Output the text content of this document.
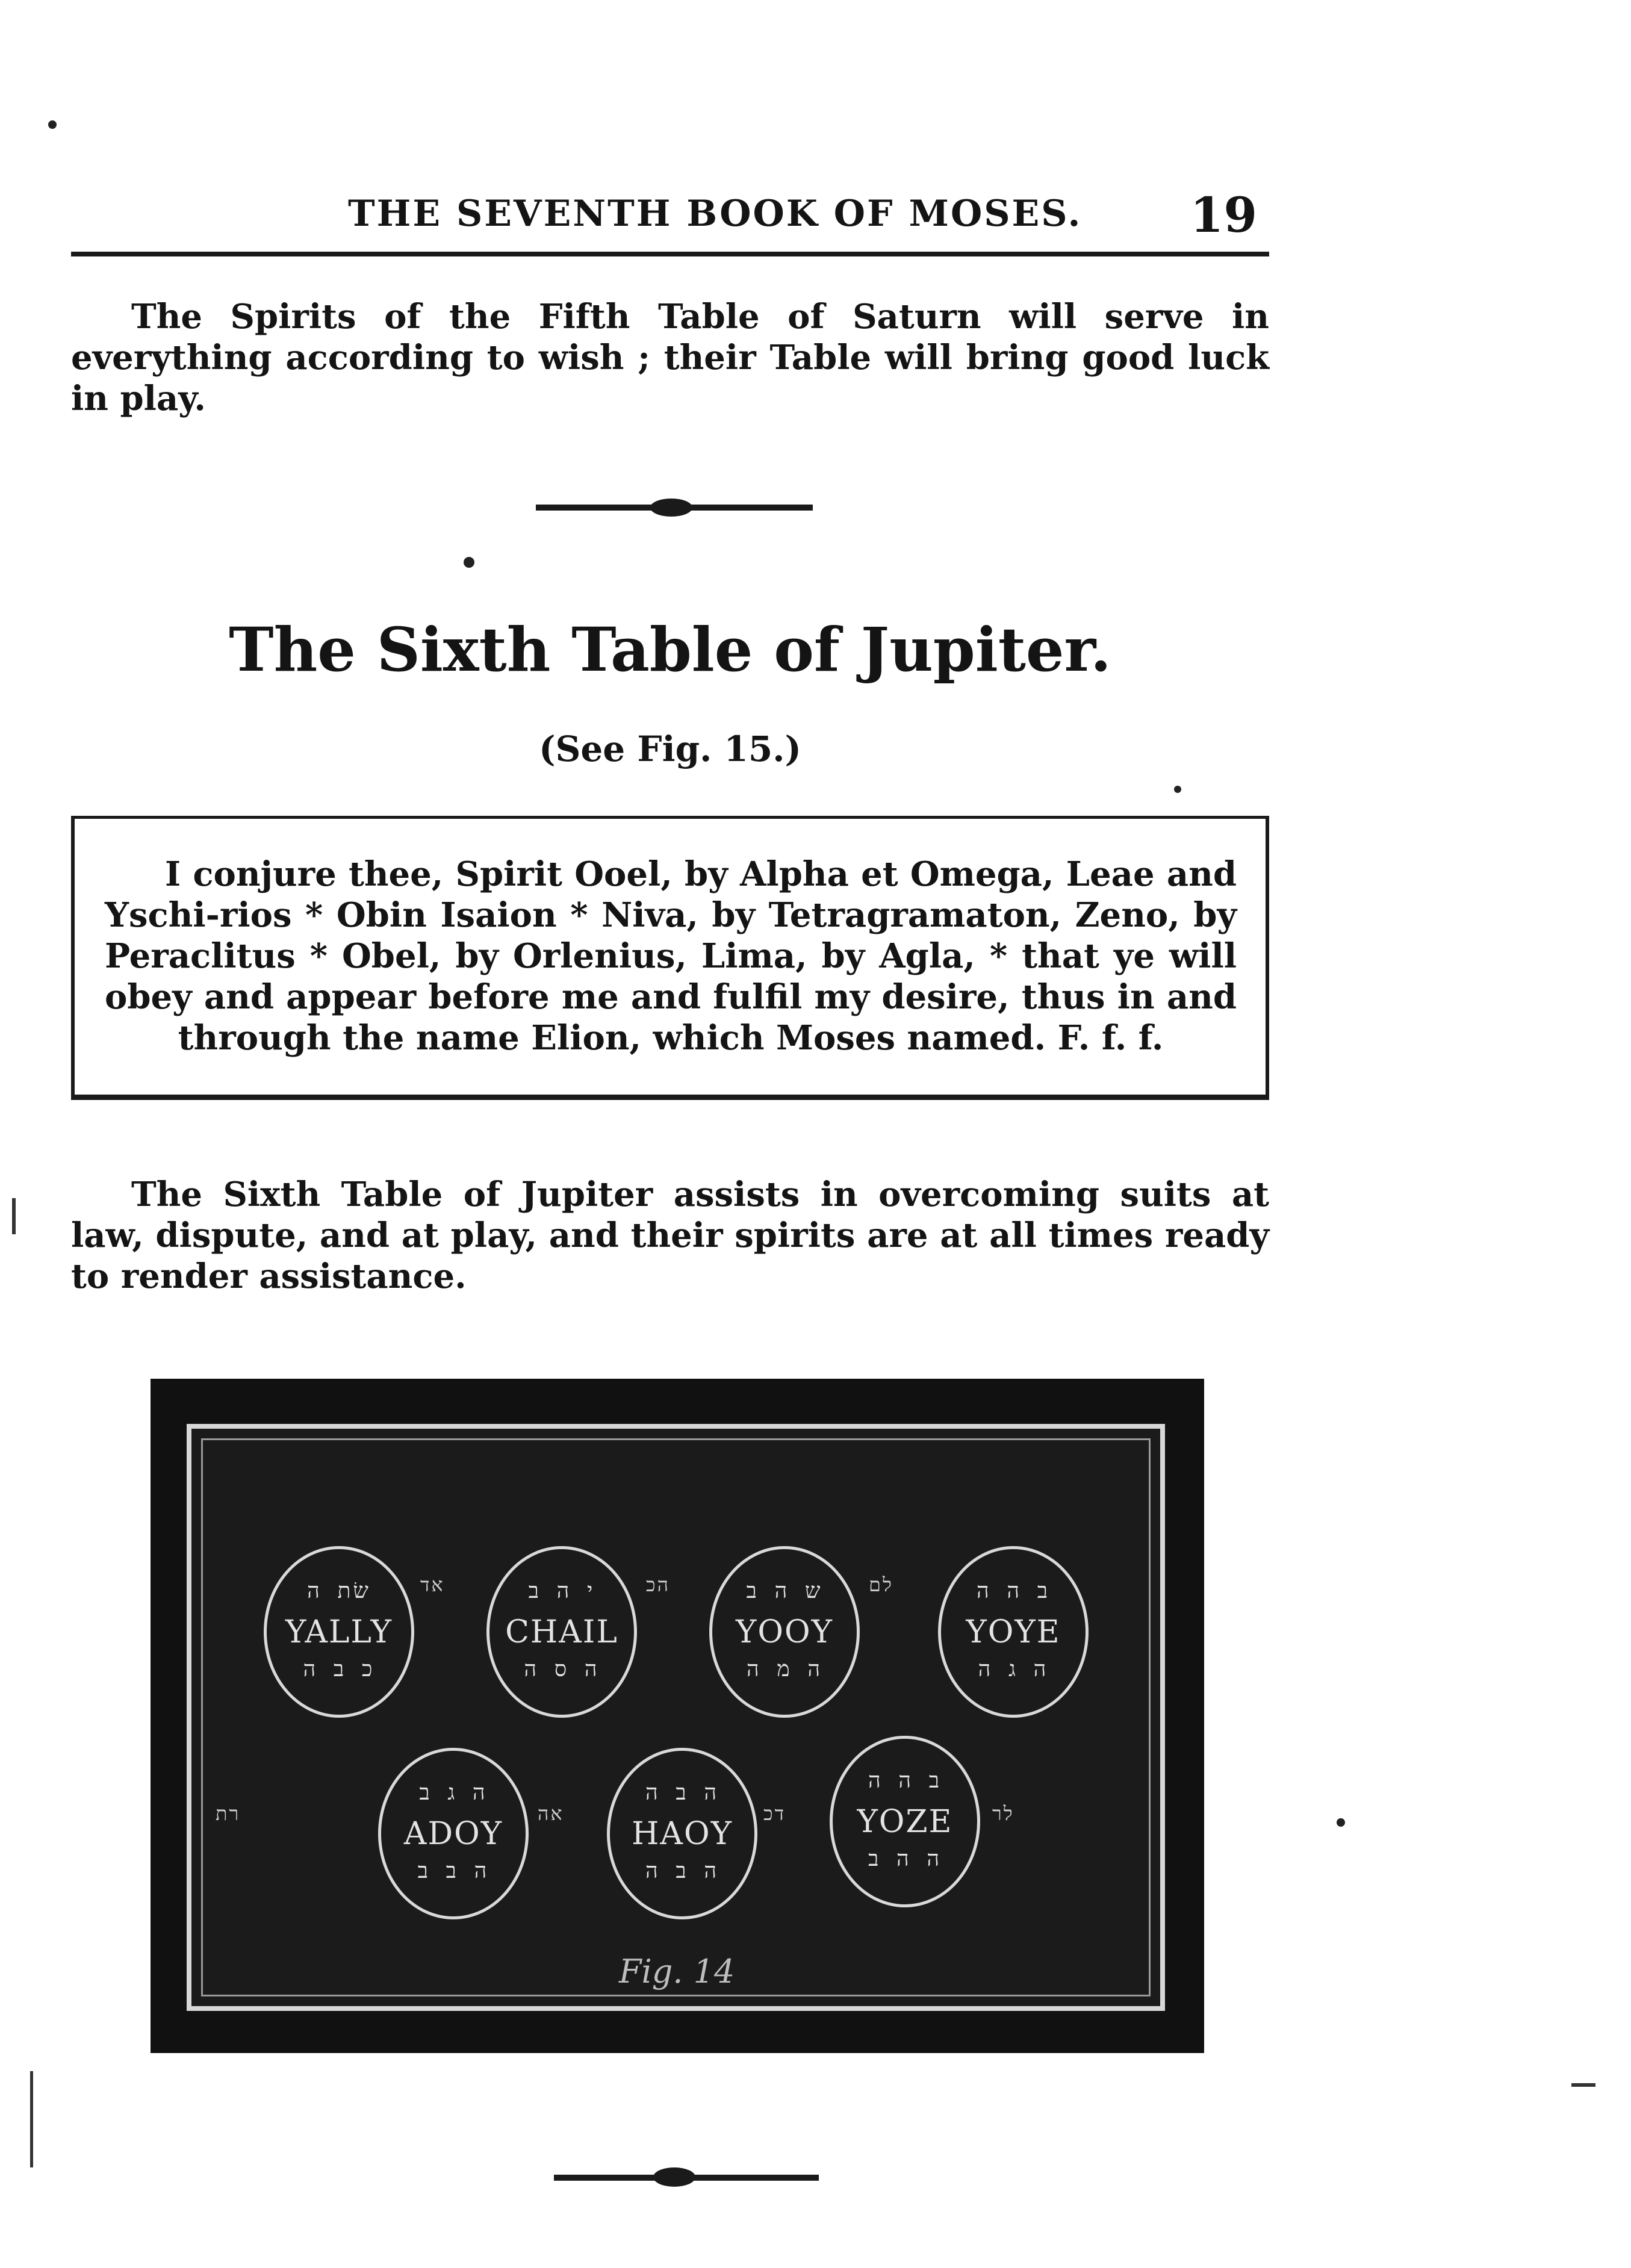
THE SEVENTH BOOK OF MOSES. 19
The Spirits of the Fifth Table of Saturn will serve in everything according to wish ; their Table will bring good luck in play.
The Sixth Table of Jupiter.
(See Fig. 15.)
I conjure thee, Spirit Ooel, by Alpha et Omega, Leae and Yschi-rios * Obin Isaion * Niva, by Tetragramaton, Zeno, by Peraclitus * Obel, by Orlenius, Lima, by Agla, * that ye will obey and appear before me and fulfil my desire, thus in and through the name Elion, which Moses named. F. f. f.
The Sixth Table of Jupiter assists in overcoming suits at law, dispute, and at play, and their spirits are at all times ready to render assistance.
שׂת ה
YALLY
כ ב ה
י ה ב
CHAIL
ה ס ה
ש ה ב
YOOY
ה מ ה
ב ה ה
YOYE
ה ג ה
ה ג ב
ADOY
ה ב ב
ה ב ה
HAOY
ה ב ה
ב ה ה
YOZE
ה ה ב
ﬡﬢ	ﬣﬤ	ﬥﬦ
ﬧﬨ	ﬡﬣ	ﬢﬤ	ﬥﬧ
Fig. 14
